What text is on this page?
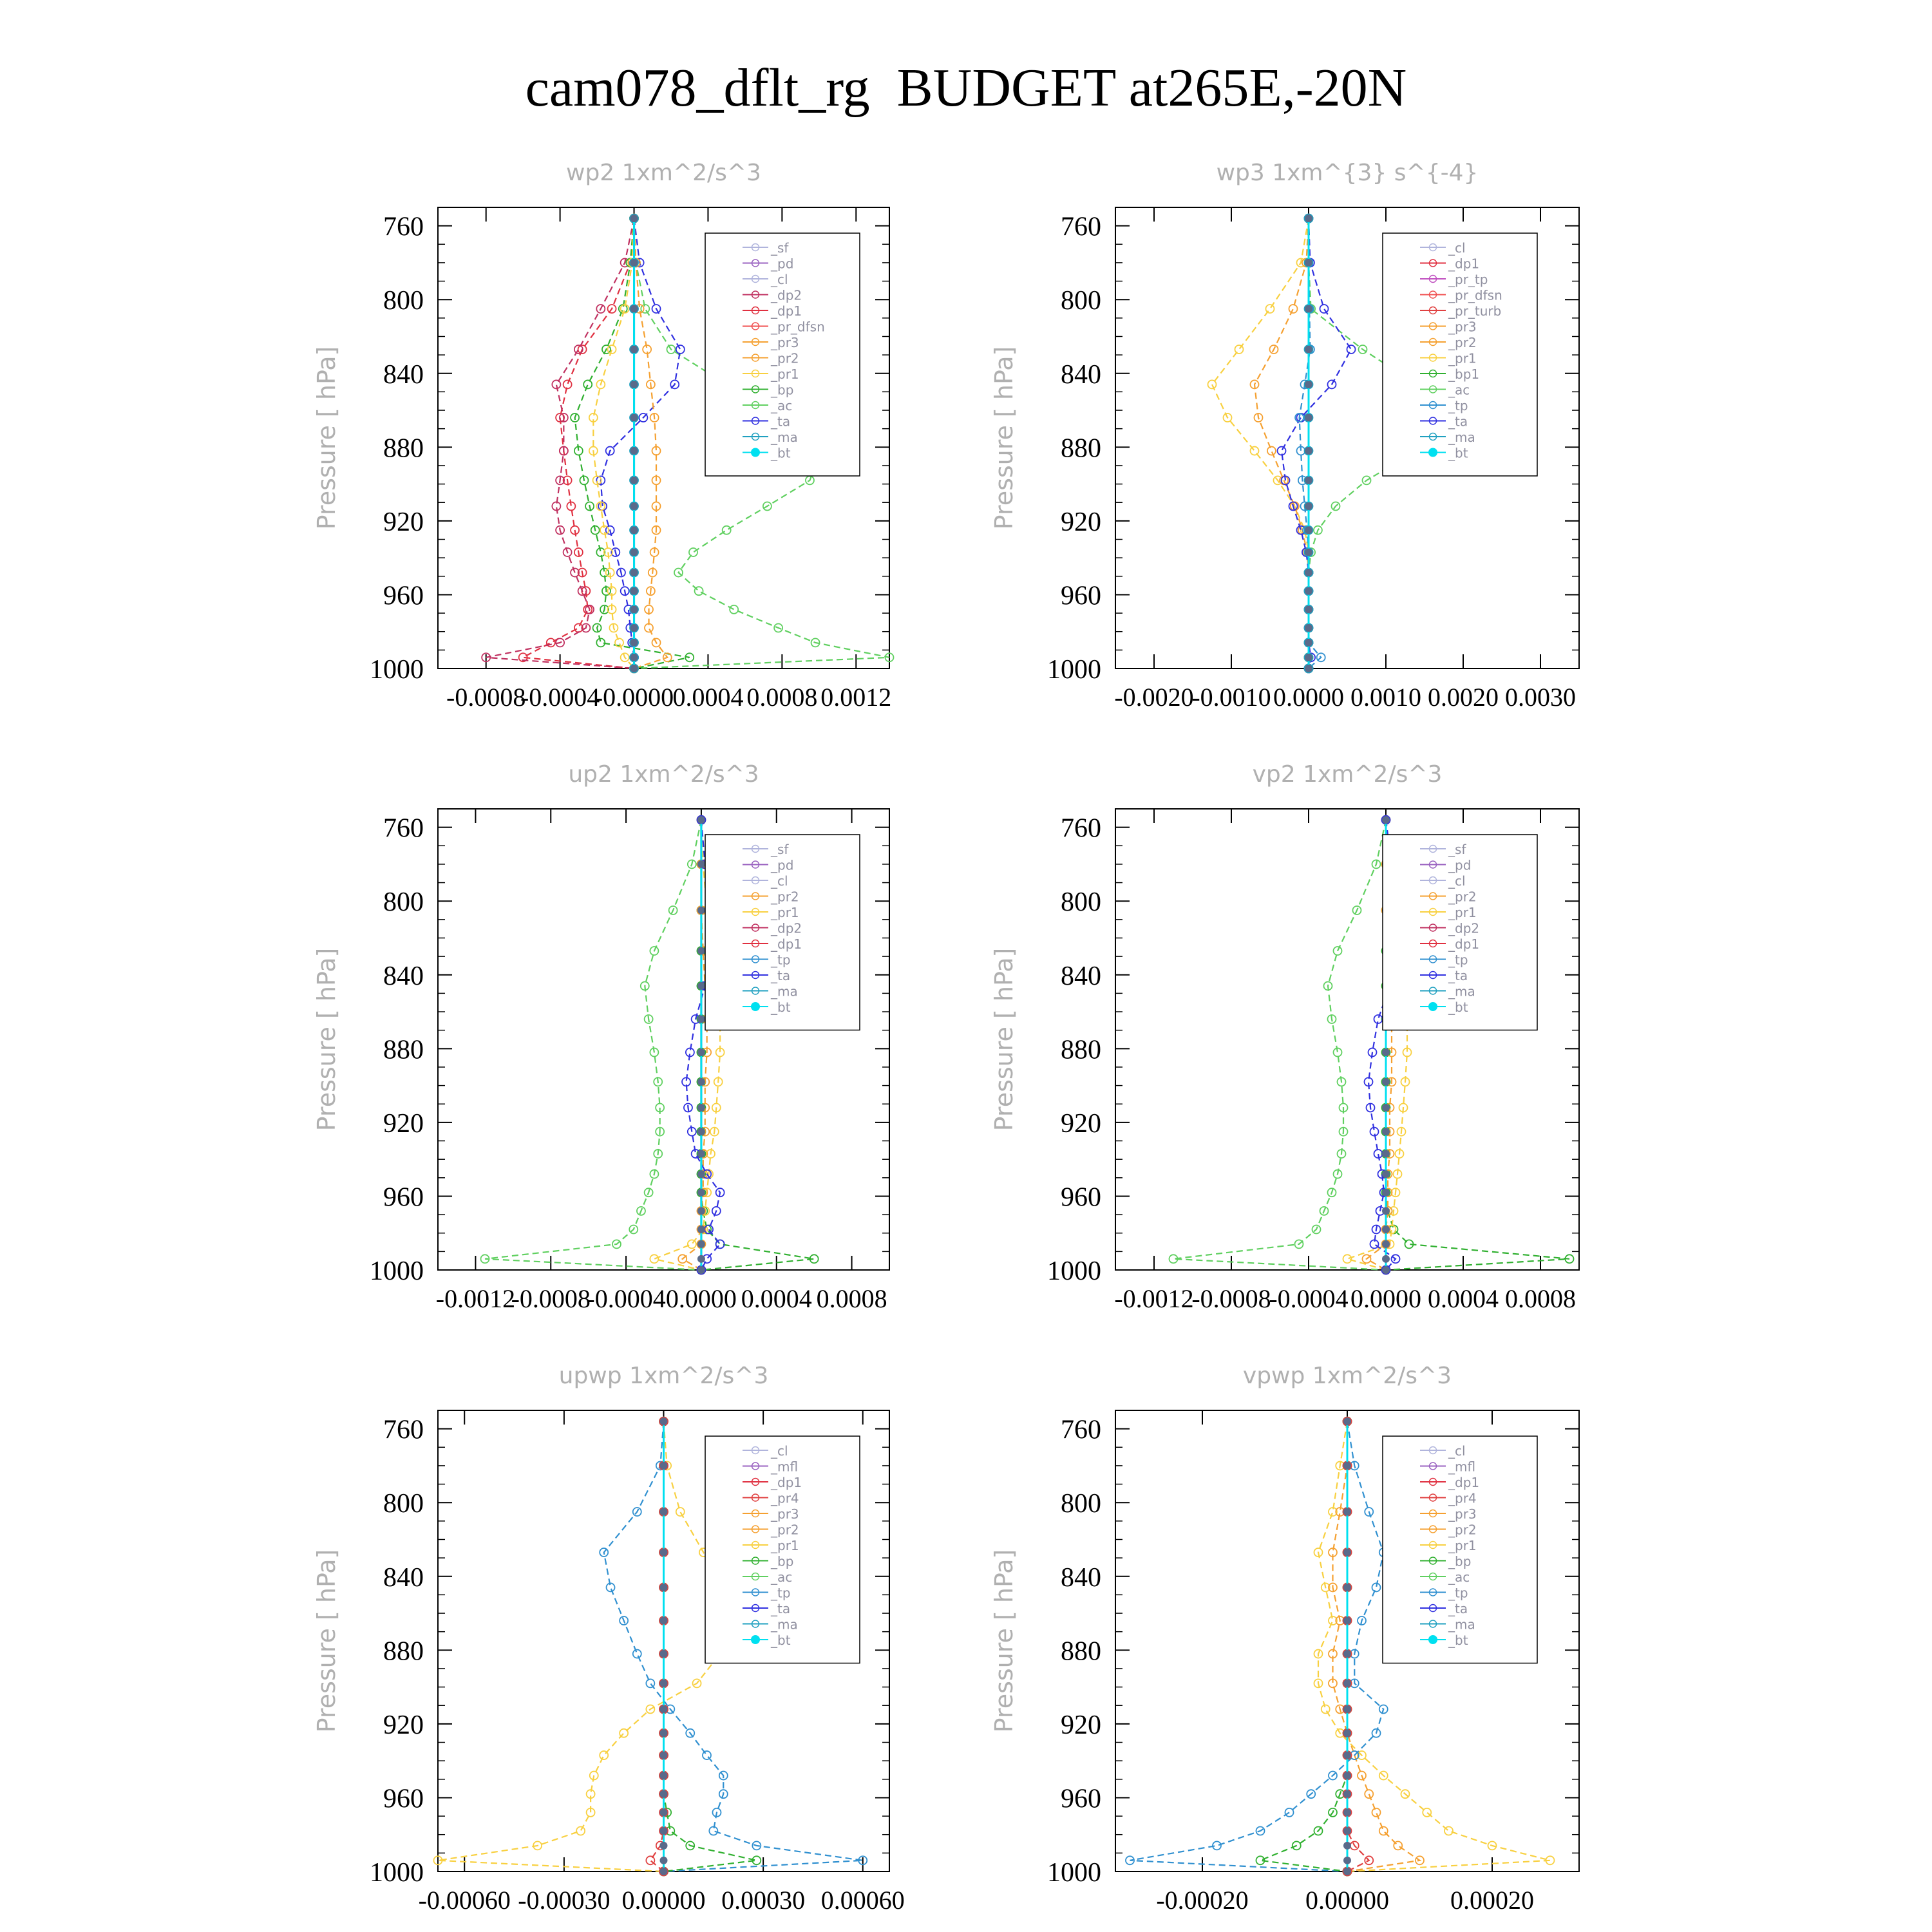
cam078_dflt_rg  BUDGET at265E,-20N
wp2 1xm^2/s^3
Pressure [ hPa]
760
800
840
880
920
960
1000
-0.0008
-0.0004
-0.0000
0.0004 0.0008 0.0012
_sf
_pd
_cl
_dp2
_dp1
_pr_dfsn
_pr3
_pr2
_pr1
_bp
_ac
_ta
_ma
_bt
wp3 1xm^{3} s^{-4}
Pressure [ hPa]
760
800
840
880
920
960
1000
-0.0020
-0.0010 0.0000 0.0010 0.0020 0.0030
_cl
_dp1
_pr_tp
_pr_dfsn
_pr_turb
_pr3
_pr2
_pr1
_bp1
_ac
_tp
_ta
_ma
_bt
up2 1xm^2/s^3
Pressure [ hPa]
760
800
840
880
920
960
1000
-0.0012
-0.0008
-0.0004 0.0000 0.0004 0.0008
_sf
_pd
_cl
_pr2
_pr1
_dp2
_dp1
_tp
_ta
_ma
_bt
vp2 1xm^2/s^3
Pressure [ hPa]
760
800
840
880
920
960
1000
-0.0012
-0.0008
-0.0004 0.0000 0.0004 0.0008
_sf
_pd
_cl
_pr2
_pr1
_dp2
_dp1
_tp
_ta
_ma
_bt
upwp 1xm^2/s^3
Pressure [ hPa]
760
800
840
880
920
960
1000
-0.00060 -0.00030 0.00000 0.00030 0.00060
_cl
_mfl
_dp1
_pr4
_pr3
_pr2
_pr1
_bp
_ac
_tp
_ta
_ma
_bt
vpwp 1xm^2/s^3
Pressure [ hPa]
760
800
840
880
920
960
1000
-0.00020 0.00000 0.00020
_cl
_mfl
_dp1
_pr4
_pr3
_pr2
_pr1
_bp
_ac
_tp
_ta
_ma
_bt
